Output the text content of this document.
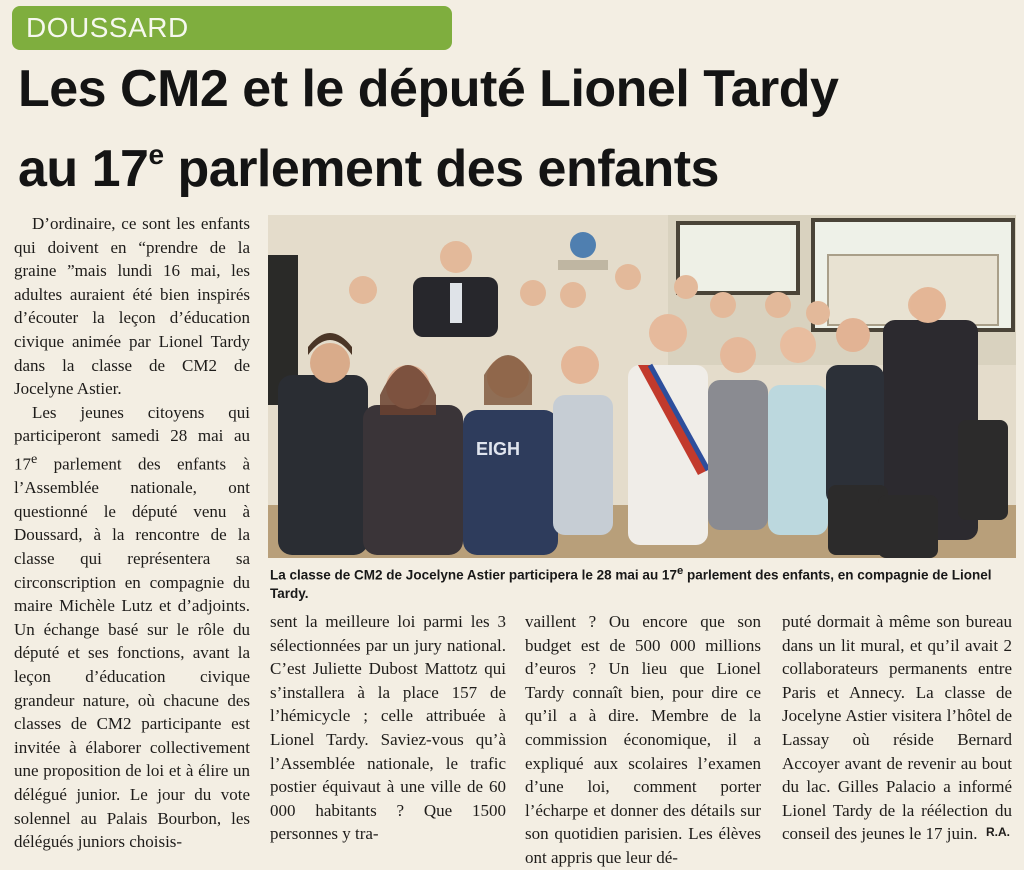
DOUSSARD
Les CM2 et le député Lionel Tardy
au 17e parlement des enfants

D’ordinaire, ce sont les enfants qui doivent en “prendre de la graine ”mais lundi 16 mai, les adultes auraient été bien inspirés d’écouter la leçon d’éducation civique animée par Lionel Tardy dans la classe de CM2 de Jocelyne Astier.

Les jeunes citoyens qui participeront samedi 28 mai au 17e parlement des enfants à l’Assemblée nationale, ont questionné le député venu à Doussard, à la rencontre de la classe qui représentera sa circonscription en compagnie du maire Michèle Lutz et d’adjoints. Un échange basé sur le rôle du député et ses fonctions, avant la leçon d’éducation civique grandeur nature, où chacune des classes de CM2 participante est invitée à élaborer collectivement une proposition de loi et à élire un délégué junior. Le jour du vote solennel au Palais Bourbon, les délégués juniors choisis-

EIGH

La classe de CM2 de Jocelyne Astier participera le 28 mai au 17e parlement des enfants, en compagnie de Lionel Tardy.

sent la meilleure loi parmi les 3 sélectionnées par un jury national. C’est Juliette Dubost Mattotz qui s’installera à la place 157 de l’hémicycle ; celle attribuée à Lionel Tardy. Saviez-vous qu’à l’Assemblée nationale, le trafic postier équivaut à une ville de 60 000 habitants ? Que 1500 personnes y tra-

vaillent ? Ou encore que son budget est de 500 000 millions d’euros ? Un lieu que Lionel Tardy connaît bien, pour dire ce qu’il a à dire. Membre de la commission économique, il a expliqué aux scolaires l’examen d’une loi, comment porter l’écharpe et donner des détails sur son quotidien parisien. Les élèves ont appris que leur dé-

puté dormait à même son bureau dans un lit mural, et qu’il avait 2 collaborateurs permanents entre Paris et Annecy. La classe de Jocelyne Astier visitera l’hôtel de Lassay où réside Bernard Accoyer avant de revenir au bout du lac. Gilles Palacio a informé Lionel Tardy de la réélection du conseil des jeunes le 17 juin. R.A.
